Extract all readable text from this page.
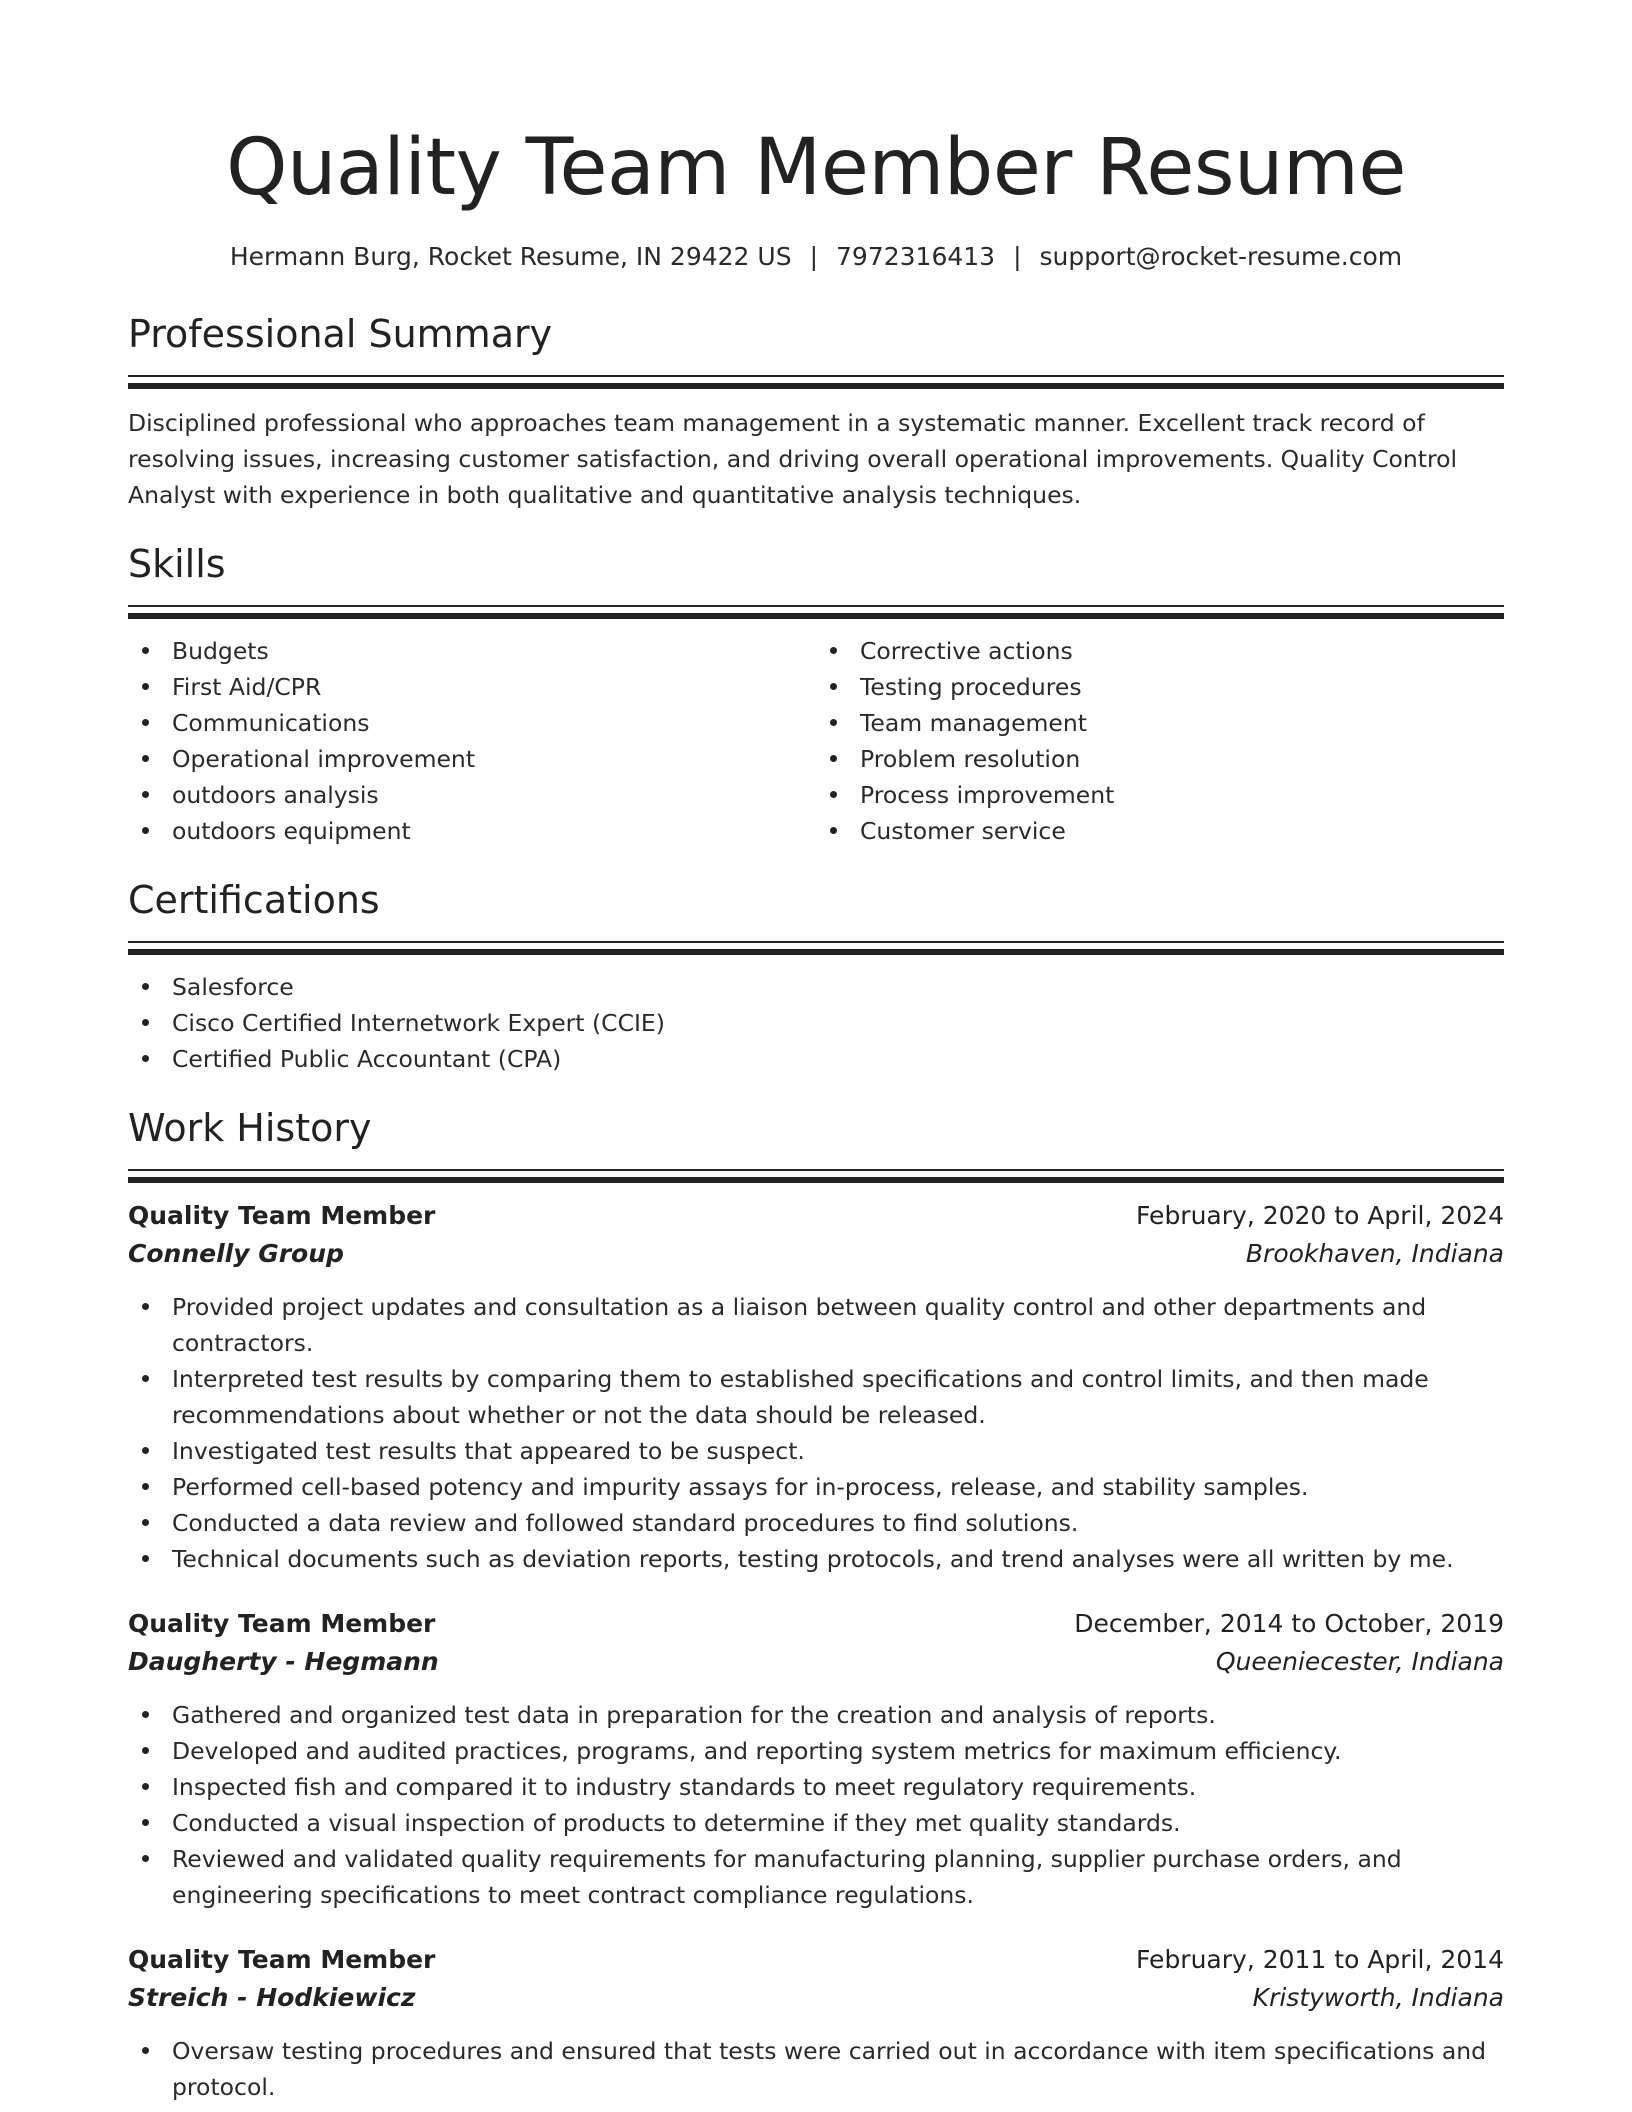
Quality Team Member Resume
Hermann Burg, Rocket Resume, IN 29422 US | 7972316413 | support@rocket-resume.com
Professional Summary
Disciplined professional who approaches team management in a systematic manner. Excellent track record of resolving issues, increasing customer satisfaction, and driving overall operational improvements. Quality Control Analyst with experience in both qualitative and quantitative analysis techniques.
Skills
Budgets
First Aid/CPR
Communications
Operational improvement
outdoors analysis
outdoors equipment
Corrective actions
Testing procedures
Team management
Problem resolution
Process improvement
Customer service
Certifications
Salesforce
Cisco Certified Internetwork Expert (CCIE)
Certified Public Accountant (CPA)
Work History
Quality Team Member	February, 2020 to April, 2024
Connelly Group	Brookhaven, Indiana
Provided project updates and consultation as a liaison between quality control and other departments and contractors.
Interpreted test results by comparing them to established specifications and control limits, and then made recommendations about whether or not the data should be released.
Investigated test results that appeared to be suspect.
Performed cell-based potency and impurity assays for in-process, release, and stability samples.
Conducted a data review and followed standard procedures to find solutions.
Technical documents such as deviation reports, testing protocols, and trend analyses were all written by me.
Quality Team Member	December, 2014 to October, 2019
Daugherty - Hegmann	Queeniecester, Indiana
Gathered and organized test data in preparation for the creation and analysis of reports.
Developed and audited practices, programs, and reporting system metrics for maximum efficiency.
Inspected fish and compared it to industry standards to meet regulatory requirements.
Conducted a visual inspection of products to determine if they met quality standards.
Reviewed and validated quality requirements for manufacturing planning, supplier purchase orders, and engineering specifications to meet contract compliance regulations.
Quality Team Member	February, 2011 to April, 2014
Streich - Hodkiewicz	Kristyworth, Indiana
Oversaw testing procedures and ensured that tests were carried out in accordance with item specifications and protocol.
